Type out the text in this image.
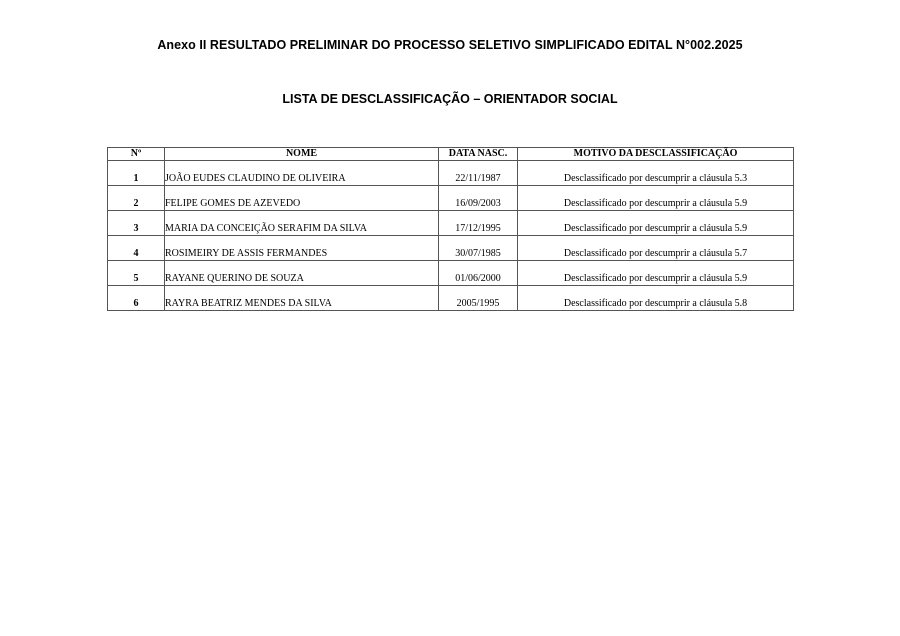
Anexo II RESULTADO PRELIMINAR DO PROCESSO SELETIVO SIMPLIFICADO EDITAL N°002.2025
LISTA DE DESCLASSIFICAÇÃO – ORIENTADOR SOCIAL
Nº	NOME	DATA NASC.	MOTIVO DA DESCLASSIFICAÇÃO
1	JOÃO EUDES CLAUDINO DE OLIVEIRA	22/11/1987	Desclassificado por descumprir a cláusula 5.3
2	FELIPE GOMES DE AZEVEDO	16/09/2003	Desclassificado por descumprir a cláusula 5.9
3	MARIA DA CONCEIÇÃO SERAFIM DA SILVA	17/12/1995	Desclassificado por descumprir a cláusula 5.9
4	ROSIMEIRY DE ASSIS FERMANDES	30/07/1985	Desclassificado por descumprir a cláusula 5.7
5	RAYANE QUERINO DE SOUZA	01/06/2000	Desclassificado por descumprir a cláusula 5.9
6	RAYRA BEATRIZ MENDES DA SILVA	2005/1995	Desclassificado por descumprir a cláusula 5.8
